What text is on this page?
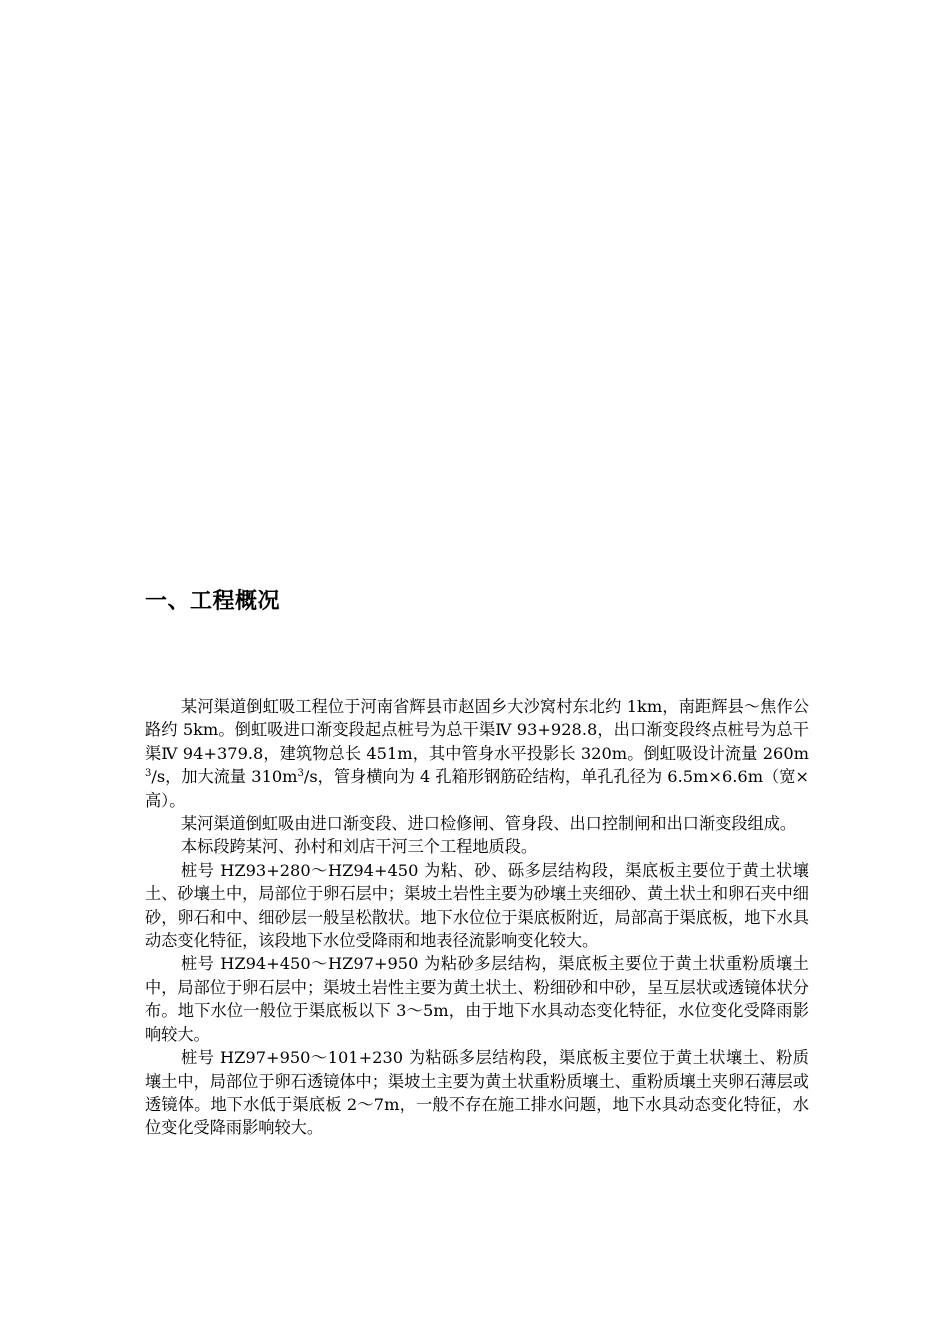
一、工程概况

某河渠道倒虹吸工程位于河南省辉县市赵固乡大沙窝村东北约 1km，南距辉县～焦作公路约 5km。倒虹吸进口渐变段起点桩号为总干渠Ⅳ 93+928.8，出口渐变段终点桩号为总干渠Ⅳ 94+379.8，建筑物总长 451m，其中管身水平投影长 320m。倒虹吸设计流量 $260m^3/s$，加大流量 $310m^3/s$，管身横向为 4 孔箱形钢筋砼结构，单孔孔径为 6.5m×6.6m（宽×高）。

某河渠道倒虹吸由进口渐变段、进口检修闸、管身段、出口控制闸和出口渐变段组成。

本标段跨某河、孙村和刘店干河三个工程地质段。

桩号 HZ93+280～HZ94+450 为粘、砂、砾多层结构段，渠底板主要位于黄土状壤土、砂壤土中，局部位于卵石层中；渠坡土岩性主要为砂壤土夹细砂、黄土状土和卵石夹中细砂，卵石和中、细砂层一般呈松散状。地下水位位于渠底板附近，局部高于渠底板，地下水具动态变化特征，该段地下水位受降雨和地表径流影响变化较大。

桩号 HZ94+450～HZ97+950 为粘砂多层结构，渠底板主要位于黄土状重粉质壤土中，局部位于卵石层中；渠坡土岩性主要为黄土状土、粉细砂和中砂，呈互层状或透镜体状分布。地下水位一般位于渠底板以下 3～5m，由于地下水具动态变化特征，水位变化受降雨影响较大。

桩号 HZ97+950～101+230 为粘砾多层结构段，渠底板主要位于黄土状壤土、粉质壤土中，局部位于卵石透镜体中；渠坡土主要为黄土状重粉质壤土、重粉质壤土夹卵石薄层或透镜体。地下水低于渠底板 2～7m，一般不存在施工排水问题，地下水具动态变化特征，水位变化受降雨影响较大。
